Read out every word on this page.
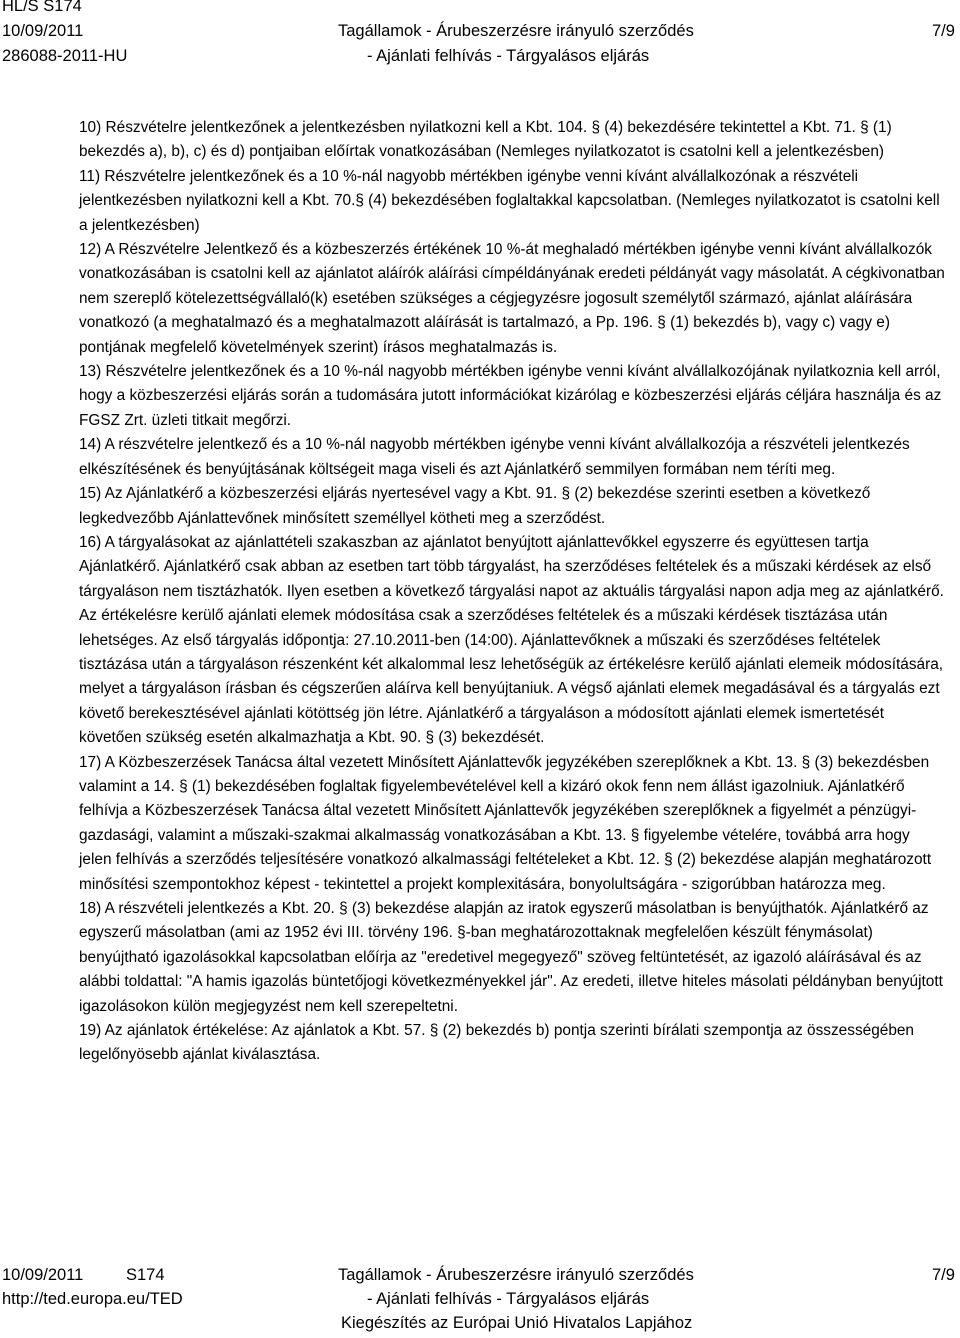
HL/S S174
10/09/2011
286088-2011-HU
Tagállamok - Árubeszerzésre irányuló szerződés
- Ajánlati felhívás - Tárgyalásos eljárás
7/9

10) Részvételre jelentkezőnek a jelentkezésben nyilatkozni kell a Kbt. 104. § (4) bekezdésére tekintettel a Kbt. 71. § (1) bekezdés a), b), c) és d) pontjaiban előírtak vonatkozásában (Nemleges nyilatkozatot is csatolni kell a jelentkezésben)

11) Részvételre jelentkezőnek és a 10 %-nál nagyobb mértékben igénybe venni kívánt alvállalkozónak a részvételi jelentkezésben nyilatkozni kell a Kbt. 70.§ (4) bekezdésében foglaltakkal kapcsolatban. (Nemleges nyilatkozatot is csatolni kell a jelentkezésben)

12) A Részvételre Jelentkező és a közbeszerzés értékének 10 %-át meghaladó mértékben igénybe venni kívánt alvállalkozók vonatkozásában is csatolni kell az ajánlatot aláírók aláírási címpéldányának eredeti példányát vagy másolatát. A cégkivonatban nem szereplő kötelezettségvállaló(k) esetében szükséges a cégjegyzésre jogosult személytől származó, ajánlat aláírására vonatkozó (a meghatalmazó és a meghatalmazott aláírását is tartalmazó, a Pp. 196. § (1) bekezdés b), vagy c) vagy e) pontjának megfelelő követelmények szerint) írásos meghatalmazás is.

13) Részvételre jelentkezőnek és a 10 %-nál nagyobb mértékben igénybe venni kívánt alvállalkozójának nyilatkoznia kell arról, hogy a közbeszerzési eljárás során a tudomására jutott információkat kizárólag e közbeszerzési eljárás céljára használja és az FGSZ Zrt. üzleti titkait megőrzi.

14) A részvételre jelentkező és a 10 %-nál nagyobb mértékben igénybe venni kívánt alvállalkozója a részvételi jelentkezés elkészítésének és benyújtásának költségeit maga viseli és azt Ajánlatkérő semmilyen formában nem téríti meg.

15) Az Ajánlatkérő a közbeszerzési eljárás nyertesével vagy a Kbt. 91. § (2) bekezdése szerinti esetben a következő legkedvezőbb Ajánlattevőnek minősített személlyel kötheti meg a szerződést.

16) A tárgyalásokat az ajánlattételi szakaszban az ajánlatot benyújtott ajánlattevőkkel egyszerre és együttesen tartja Ajánlatkérő. Ajánlatkérő csak abban az esetben tart több tárgyalást, ha szerződéses feltételek és a műszaki kérdések az első tárgyaláson nem tisztázhatók. Ilyen esetben a következő tárgyalási napot az aktuális tárgyalási napon adja meg az ajánlatkérő. Az értékelésre kerülő ajánlati elemek módosítása csak a szerződéses feltételek és a műszaki kérdések tisztázása után lehetséges. Az első tárgyalás időpontja: 27.10.2011-ben (14:00). Ajánlattevőknek a műszaki és szerződéses feltételek tisztázása után a tárgyaláson részenként két alkalommal lesz lehetőségük az értékelésre kerülő ajánlati elemeik módosítására, melyet a tárgyaláson írásban és cégszerűen aláírva kell benyújtaniuk. A végső ajánlati elemek megadásával és a tárgyalás ezt követő berekesztésével ajánlati kötöttség jön létre. Ajánlatkérő a tárgyaláson a módosított ajánlati elemek ismertetését követően szükség esetén alkalmazhatja a Kbt. 90. § (3) bekezdését.

17) A Közbeszerzések Tanácsa által vezetett Minősített Ajánlattevők jegyzékében szereplőknek a Kbt. 13. § (3) bekezdésben valamint a 14. § (1) bekezdésében foglaltak figyelembevételével kell a kizáró okok fenn nem állást igazolniuk. Ajánlatkérő felhívja a Közbeszerzések Tanácsa által vezetett Minősített Ajánlattevők jegyzékében szereplőknek a figyelmét a pénzügyi-gazdasági, valamint a műszaki-szakmai alkalmasság vonatkozásában a Kbt. 13. § figyelembe vételére, továbbá arra hogy jelen felhívás a szerződés teljesítésére vonatkozó alkalmassági feltételeket a Kbt. 12. § (2) bekezdése alapján meghatározott minősítési szempontokhoz képest - tekintettel a projekt komplexitására, bonyolultságára - szigorúbban határozza meg.

18) A részvételi jelentkezés a Kbt. 20. § (3) bekezdése alapján az iratok egyszerű másolatban is benyújthatók. Ajánlatkérő az egyszerű másolatban (ami az 1952 évi III. törvény 196. §-ban meghatározottaknak megfelelően készült fénymásolat) benyújtható igazolásokkal kapcsolatban előírja az "eredetivel megegyező" szöveg feltüntetését, az igazoló aláírásával és az alábbi toldattal: "A hamis igazolás büntetőjogi következményekkel jár". Az eredeti, illetve hiteles másolati példányban benyújtott igazolásokon külön megjegyzést nem kell szerepeltetni.

19) Az ajánlatok értékelése: Az ajánlatok a Kbt. 57. § (2) bekezdés b) pontja szerinti bírálati szempontja az összességében legelőnyösebb ajánlat kiválasztása.

10/09/2011	S174
http://ted.europa.eu/TED
Tagállamok - Árubeszerzésre irányuló szerződés
- Ajánlati felhívás - Tárgyalásos eljárás
Kiegészítés az Európai Unió Hivatalos Lapjához
7/9
